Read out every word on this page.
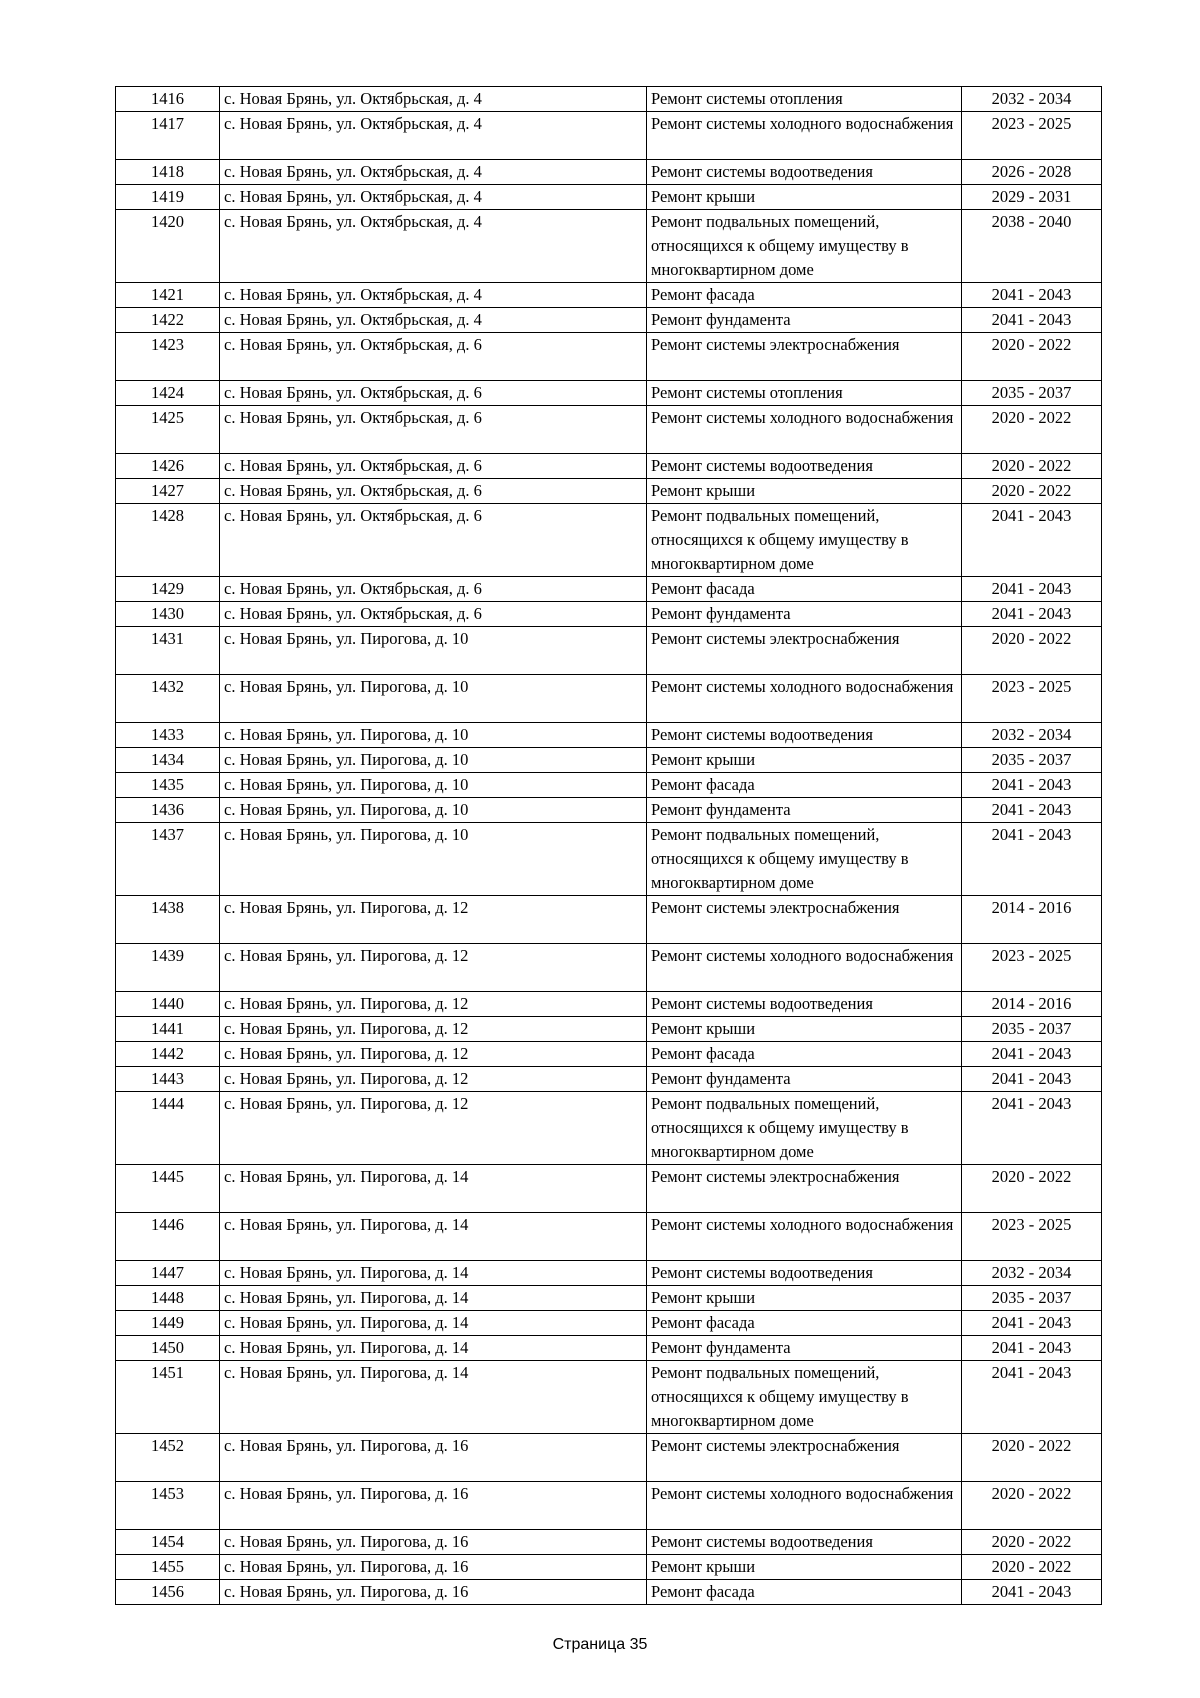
1416	с. Новая Брянь, ул. Октябрьская, д. 4	Ремонт системы отопления	2032 - 2034
1417	с. Новая Брянь, ул. Октябрьская, д. 4	Ремонт системы холодного водоснабжения	2023 - 2025
1418	с. Новая Брянь, ул. Октябрьская, д. 4	Ремонт системы водоотведения	2026 - 2028
1419	с. Новая Брянь, ул. Октябрьская, д. 4	Ремонт крыши	2029 - 2031
1420	с. Новая Брянь, ул. Октябрьская, д. 4	Ремонт подвальных помещений, относящихся к общему имуществу в многоквартирном доме	2038 - 2040
1421	с. Новая Брянь, ул. Октябрьская, д. 4	Ремонт фасада	2041 - 2043
1422	с. Новая Брянь, ул. Октябрьская, д. 4	Ремонт фундамента	2041 - 2043
1423	с. Новая Брянь, ул. Октябрьская, д. 6	Ремонт системы электроснабжения	2020 - 2022
1424	с. Новая Брянь, ул. Октябрьская, д. 6	Ремонт системы отопления	2035 - 2037
1425	с. Новая Брянь, ул. Октябрьская, д. 6	Ремонт системы холодного водоснабжения	2020 - 2022
1426	с. Новая Брянь, ул. Октябрьская, д. 6	Ремонт системы водоотведения	2020 - 2022
1427	с. Новая Брянь, ул. Октябрьская, д. 6	Ремонт крыши	2020 - 2022
1428	с. Новая Брянь, ул. Октябрьская, д. 6	Ремонт подвальных помещений, относящихся к общему имуществу в многоквартирном доме	2041 - 2043
1429	с. Новая Брянь, ул. Октябрьская, д. 6	Ремонт фасада	2041 - 2043
1430	с. Новая Брянь, ул. Октябрьская, д. 6	Ремонт фундамента	2041 - 2043
1431	с. Новая Брянь, ул. Пирогова, д. 10	Ремонт системы электроснабжения	2020 - 2022
1432	с. Новая Брянь, ул. Пирогова, д. 10	Ремонт системы холодного водоснабжения	2023 - 2025
1433	с. Новая Брянь, ул. Пирогова, д. 10	Ремонт системы водоотведения	2032 - 2034
1434	с. Новая Брянь, ул. Пирогова, д. 10	Ремонт крыши	2035 - 2037
1435	с. Новая Брянь, ул. Пирогова, д. 10	Ремонт фасада	2041 - 2043
1436	с. Новая Брянь, ул. Пирогова, д. 10	Ремонт фундамента	2041 - 2043
1437	с. Новая Брянь, ул. Пирогова, д. 10	Ремонт подвальных помещений, относящихся к общему имуществу в многоквартирном доме	2041 - 2043
1438	с. Новая Брянь, ул. Пирогова, д. 12	Ремонт системы электроснабжения	2014 - 2016
1439	с. Новая Брянь, ул. Пирогова, д. 12	Ремонт системы холодного водоснабжения	2023 - 2025
1440	с. Новая Брянь, ул. Пирогова, д. 12	Ремонт системы водоотведения	2014 - 2016
1441	с. Новая Брянь, ул. Пирогова, д. 12	Ремонт крыши	2035 - 2037
1442	с. Новая Брянь, ул. Пирогова, д. 12	Ремонт фасада	2041 - 2043
1443	с. Новая Брянь, ул. Пирогова, д. 12	Ремонт фундамента	2041 - 2043
1444	с. Новая Брянь, ул. Пирогова, д. 12	Ремонт подвальных помещений, относящихся к общему имуществу в многоквартирном доме	2041 - 2043
1445	с. Новая Брянь, ул. Пирогова, д. 14	Ремонт системы электроснабжения	2020 - 2022
1446	с. Новая Брянь, ул. Пирогова, д. 14	Ремонт системы холодного водоснабжения	2023 - 2025
1447	с. Новая Брянь, ул. Пирогова, д. 14	Ремонт системы водоотведения	2032 - 2034
1448	с. Новая Брянь, ул. Пирогова, д. 14	Ремонт крыши	2035 - 2037
1449	с. Новая Брянь, ул. Пирогова, д. 14	Ремонт фасада	2041 - 2043
1450	с. Новая Брянь, ул. Пирогова, д. 14	Ремонт фундамента	2041 - 2043
1451	с. Новая Брянь, ул. Пирогова, д. 14	Ремонт подвальных помещений, относящихся к общему имуществу в многоквартирном доме	2041 - 2043
1452	с. Новая Брянь, ул. Пирогова, д. 16	Ремонт системы электроснабжения	2020 - 2022
1453	с. Новая Брянь, ул. Пирогова, д. 16	Ремонт системы холодного водоснабжения	2020 - 2022
1454	с. Новая Брянь, ул. Пирогова, д. 16	Ремонт системы водоотведения	2020 - 2022
1455	с. Новая Брянь, ул. Пирогова, д. 16	Ремонт крыши	2020 - 2022
1456	с. Новая Брянь, ул. Пирогова, д. 16	Ремонт фасада	2041 - 2043
Страница 35
